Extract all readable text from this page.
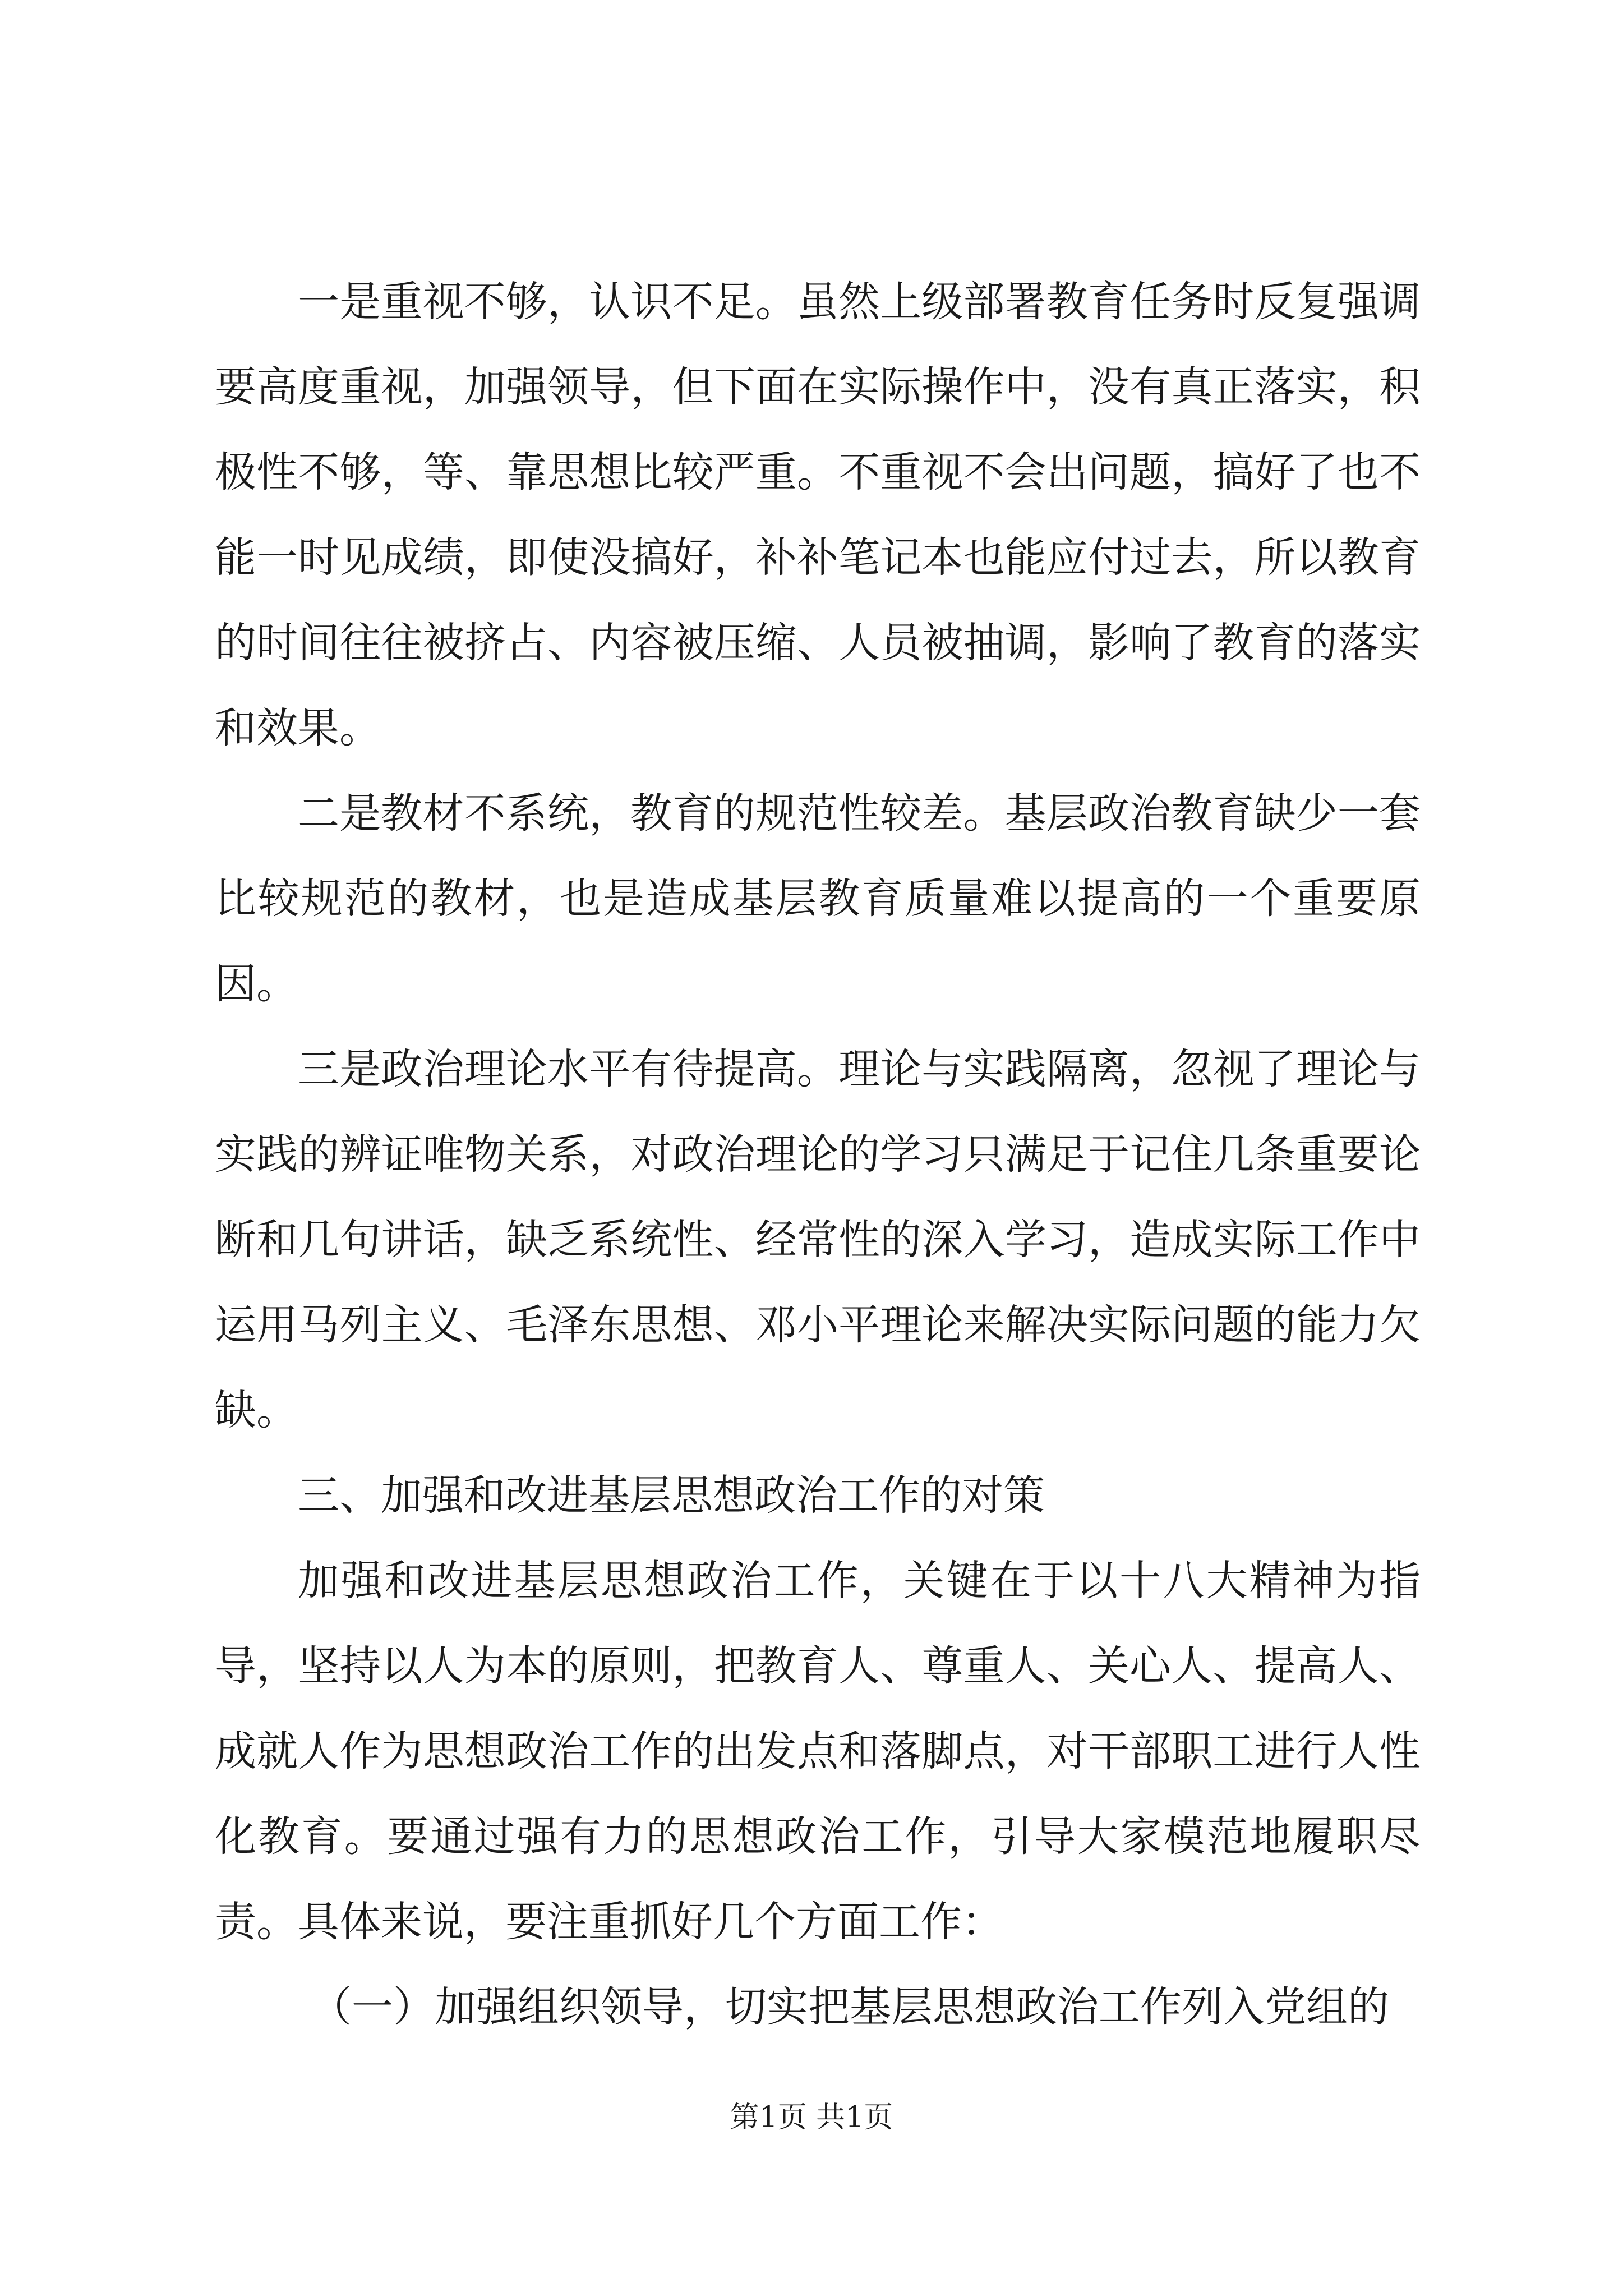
一是重视不够，认识不足。虽然上级部署教育任务时反复强调要高度重视，加强领导，但下面在实际操作中，没有真正落实，积极性不够，等、靠思想比较严重。不重视不会出问题，搞好了也不能一时见成绩，即使没搞好，补补笔记本也能应付过去，所以教育的时间往往被挤占、内容被压缩、人员被抽调，影响了教育的落实和效果。

二是教材不系统，教育的规范性较差。基层政治教育缺少一套比较规范的教材，也是造成基层教育质量难以提高的一个重要原因。

三是政治理论水平有待提高。理论与实践隔离，忽视了理论与实践的辨证唯物关系，对政治理论的学习只满足于记住几条重要论断和几句讲话，缺乏系统性、经常性的深入学习，造成实际工作中运用马列主义、毛泽东思想、邓小平理论来解决实际问题的能力欠缺。

三、加强和改进基层思想政治工作的对策

加强和改进基层思想政治工作，关键在于以十八大精神为指导，坚持以人为本的原则，把教育人、尊重人、关心人、提高人、成就人作为思想政治工作的出发点和落脚点，对干部职工进行人性化教育。要通过强有力的思想政治工作，引导大家模范地履职尽责。具体来说，要注重抓好几个方面工作：

（一）加强组织领导，切实把基层思想政治工作列入党组的

第1页 共1页
